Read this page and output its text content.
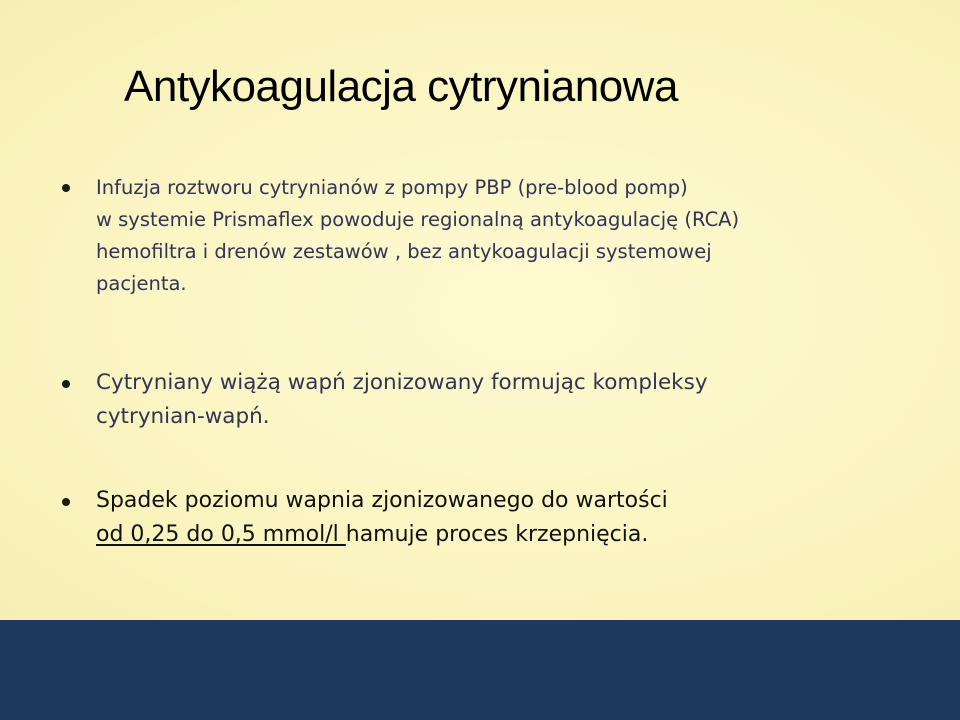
Antykoagulacja cytrynianowa
Infuzja roztworu cytrynianów z pompy PBP (pre-blood pomp)
w systemie Prismaflex powoduje regionalną antykoagulację (RCA)
hemofiltra i drenów zestawów , bez antykoagulacji systemowej
pacjenta.
Cytryniany wiążą wapń zjonizowany formując kompleksy
cytrynian-wapń.
Spadek poziomu wapnia zjonizowanego do wartości
od 0,25 do 0,5 mmol/l hamuje proces krzepnięcia.
